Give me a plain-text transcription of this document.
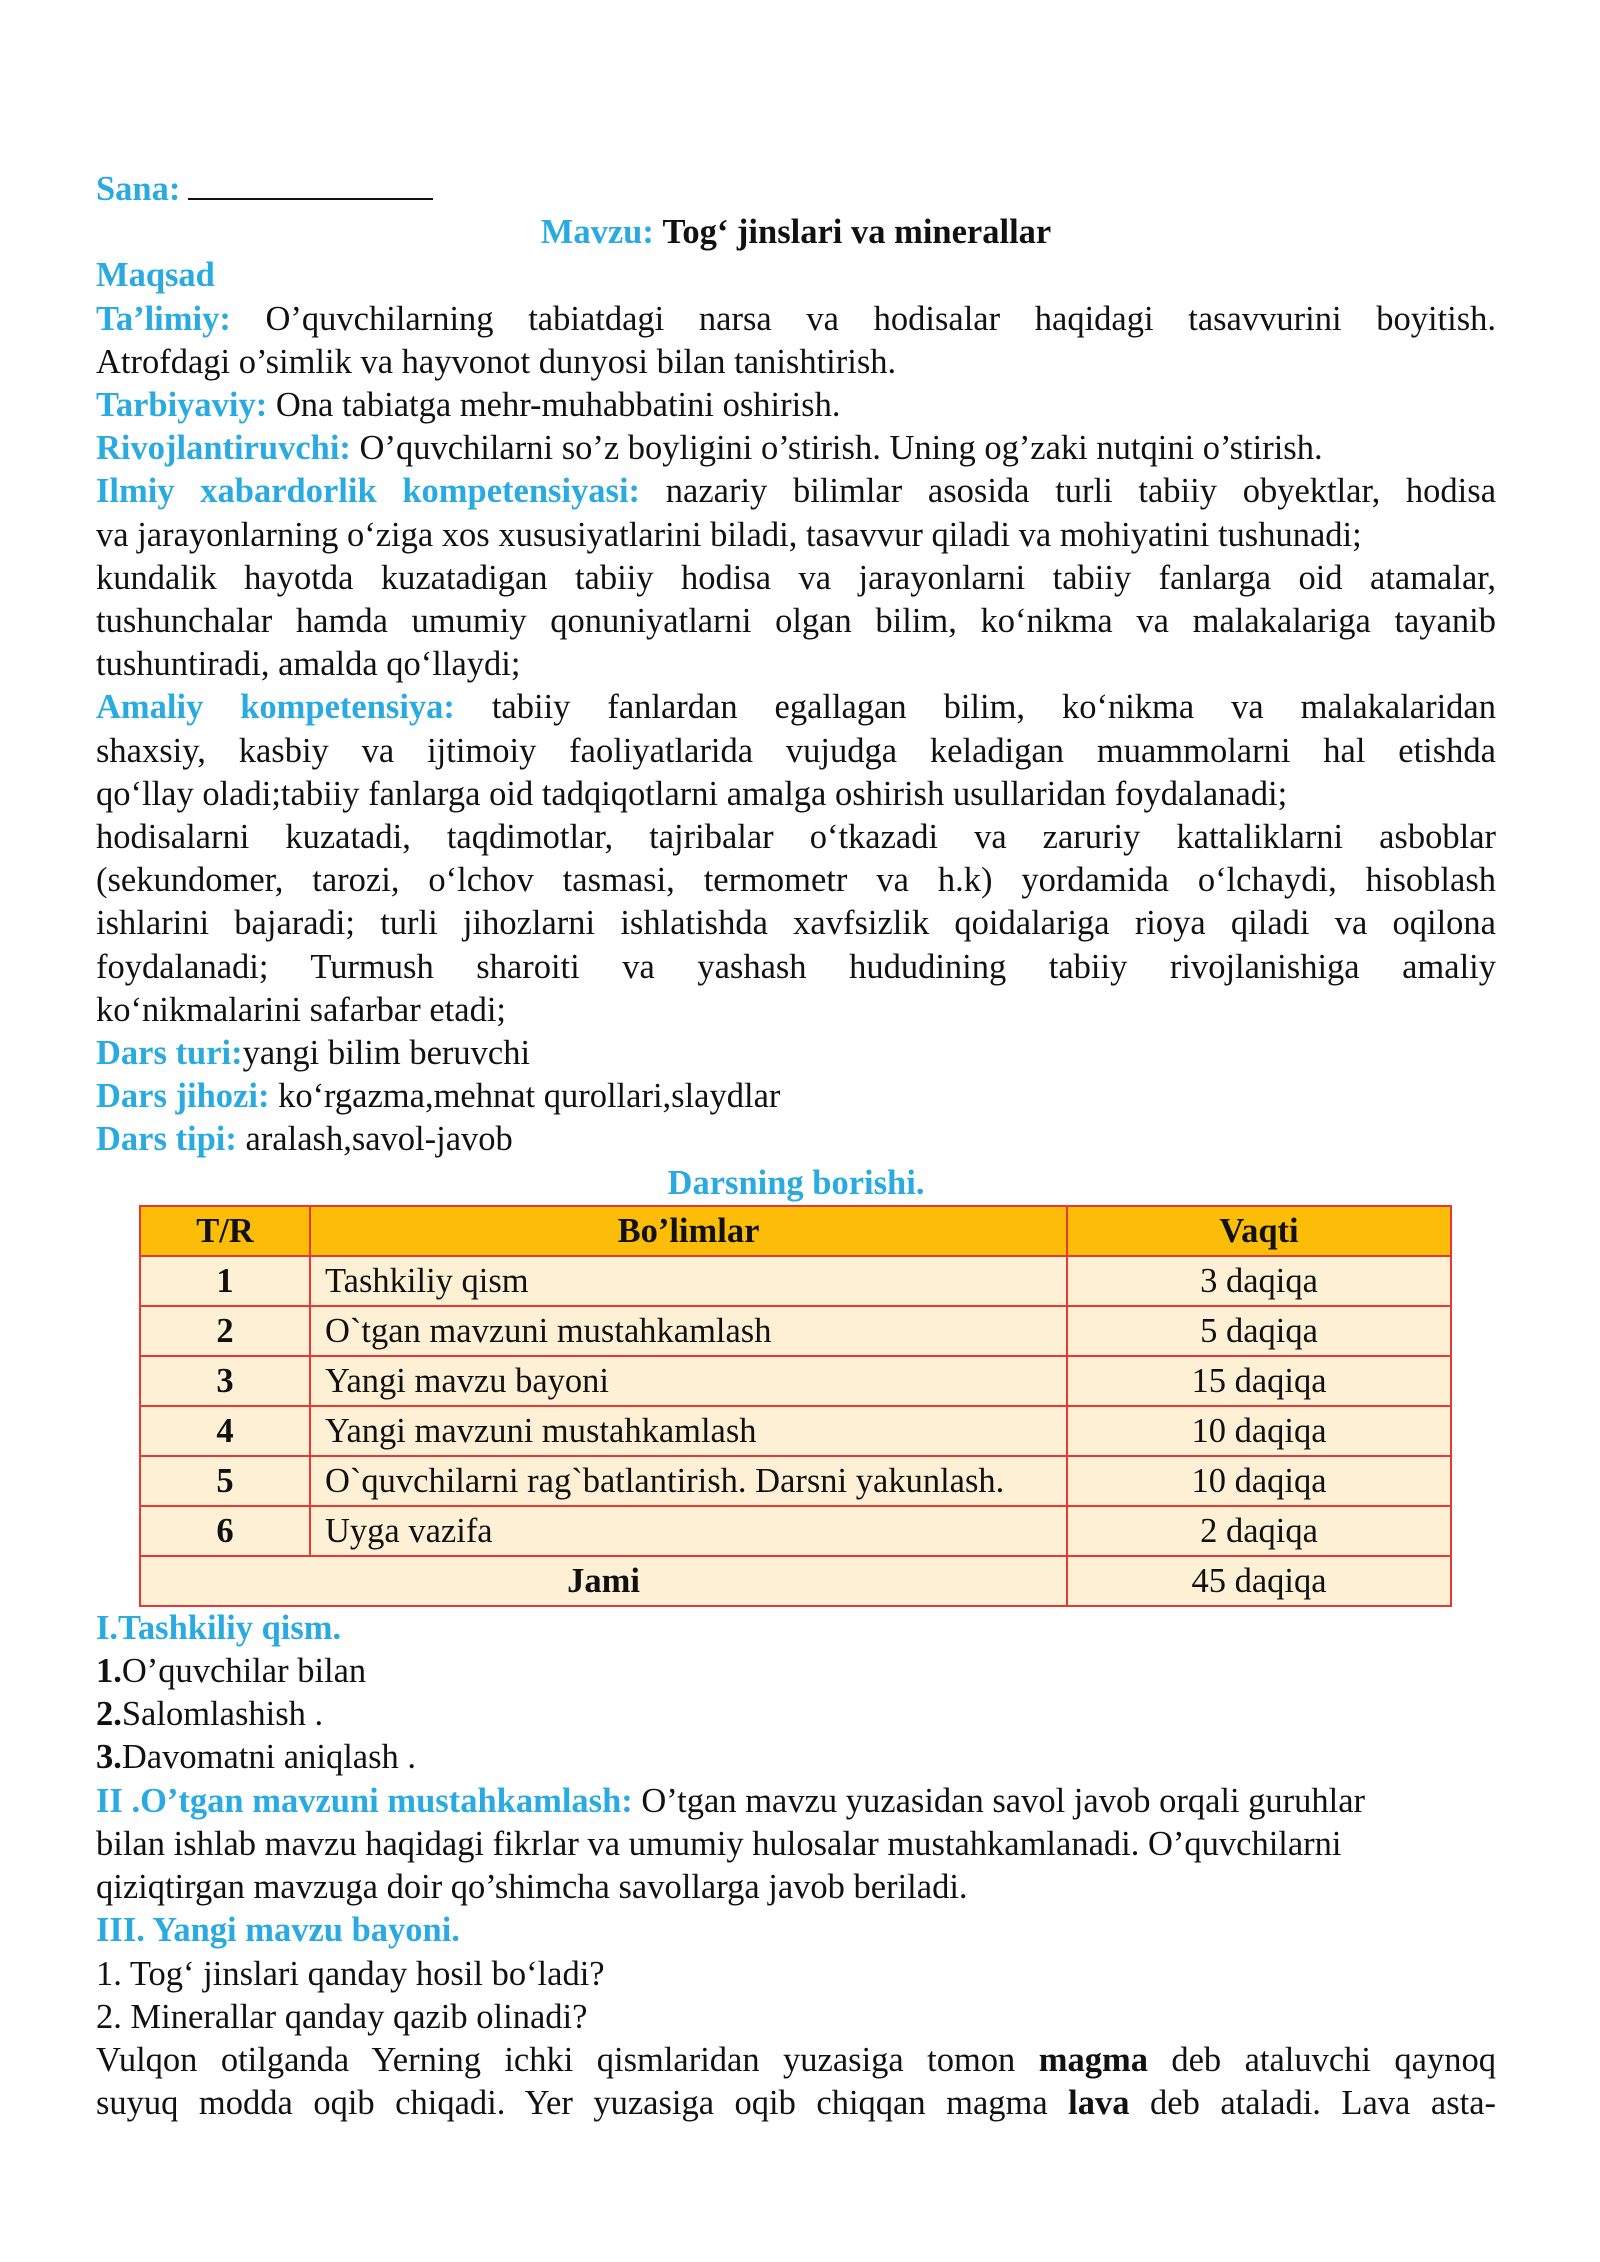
Sana:
Mavzu: Tog‘ jinslari va minerallar
Maqsad
Ta’limiy: O’quvchilarning tabiatdagi narsa va hodisalar haqidagi tasavvurini boyitish.
Atrofdagi o’simlik va hayvonot dunyosi bilan tanishtirish.
Tarbiyaviy: Ona tabiatga mehr-muhabbatini oshirish.
Rivojlantiruvchi: O’quvchilarni so’z boyligini o’stirish. Uning og’zaki nutqini o’stirish.
Ilmiy xabardorlik kompetensiyasi: nazariy bilimlar asosida turli tabiiy obyektlar, hodisa
va jarayonlarning o‘ziga xos xususiyatlarini biladi, tasavvur qiladi va mohiyatini tushunadi;
kundalik hayotda kuzatadigan tabiiy hodisa va jarayonlarni tabiiy fanlarga oid atamalar,
tushunchalar hamda umumiy qonuniyatlarni olgan bilim, ko‘nikma va malakalariga tayanib
tushuntiradi, amalda qo‘llaydi;
Amaliy kompetensiya: tabiiy fanlardan egallagan bilim, ko‘nikma va malakalaridan
shaxsiy, kasbiy va ijtimoiy faoliyatlarida vujudga keladigan muammolarni hal etishda
qo‘llay oladi;tabiiy fanlarga oid tadqiqotlarni amalga oshirish usullaridan foydalanadi;
hodisalarni kuzatadi, taqdimotlar, tajribalar o‘tkazadi va zaruriy kattaliklarni asboblar
(sekundomer, tarozi, o‘lchov tasmasi, termometr va h.k) yordamida o‘lchaydi, hisoblash
ishlarini bajaradi; turli jihozlarni ishlatishda xavfsizlik qoidalariga rioya qiladi va oqilona
foydalanadi; Turmush sharoiti va yashash hududining tabiiy rivojlanishiga amaliy
ko‘nikmalarini safarbar etadi;
Dars turi:yangi bilim beruvchi
Dars jihozi: ko‘rgazma,mehnat qurollari,slaydlar
Dars tipi: aralash,savol-javob
Darsning borishi.
T/R	Bo’limlar	Vaqti
1	Tashkiliy qism	3 daqiqa
2	O`tgan mavzuni mustahkamlash	5 daqiqa
3	Yangi mavzu bayoni	15 daqiqa
4	Yangi mavzuni mustahkamlash	10 daqiqa
5	O`quvchilarni rag`batlantirish. Darsni yakunlash.	10 daqiqa
6	Uyga vazifa	2 daqiqa
Jami		45 daqiqa
I.Tashkiliy qism.
1.O’quvchilar bilan
2.Salomlashish .
3.Davomatni aniqlash .
II .O’tgan mavzuni mustahkamlash: O’tgan mavzu yuzasidan savol javob orqali guruhlar
bilan ishlab mavzu haqidagi fikrlar va umumiy hulosalar mustahkamlanadi. O’quvchilarni
qiziqtirgan mavzuga doir qo’shimcha savollarga javob beriladi.
III. Yangi mavzu bayoni.
1. Tog‘ jinslari qanday hosil bo‘ladi?
2. Minerallar qanday qazib olinadi?
Vulqon otilganda Yerning ichki qismlaridan yuzasiga tomon magma deb ataluvchi qaynoq
suyuq modda oqib chiqadi. Yer yuzasiga oqib chiqqan magma lava deb ataladi. Lava asta-
